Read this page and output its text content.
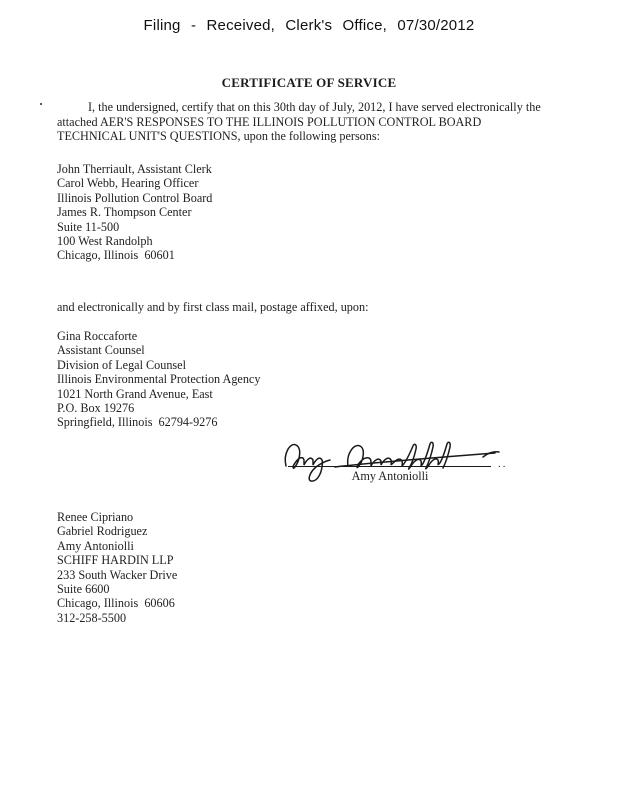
Filing - Received, Clerk's Office, 07/30/2012
CERTIFICATE OF SERVICE

I, the undersigned, certify that on this 30th day of July, 2012, I have served electronically the attached AER'S RESPONSES TO THE ILLINOIS POLLUTION CONTROL BOARD TECHNICAL UNIT'S QUESTIONS, upon the following persons:

John Therriault, Assistant Clerk
Carol Webb, Hearing Officer
Illinois Pollution Control Board
James R. Thompson Center
Suite 11-500
100 West Randolph
Chicago, Illinois  60601

and electronically and by first class mail, postage affixed, upon:

Gina Roccaforte
Assistant Counsel
Division of Legal Counsel
Illinois Environmental Protection Agency
1021 North Grand Avenue, East
P.O. Box 19276
Springfield, Illinois  62794-9276
..
Amy Antoniolli
Renee Cipriano
Gabriel Rodriguez
Amy Antoniolli
SCHIFF HARDIN LLP
233 South Wacker Drive
Suite 6600
Chicago, Illinois  60606
312-258-5500
